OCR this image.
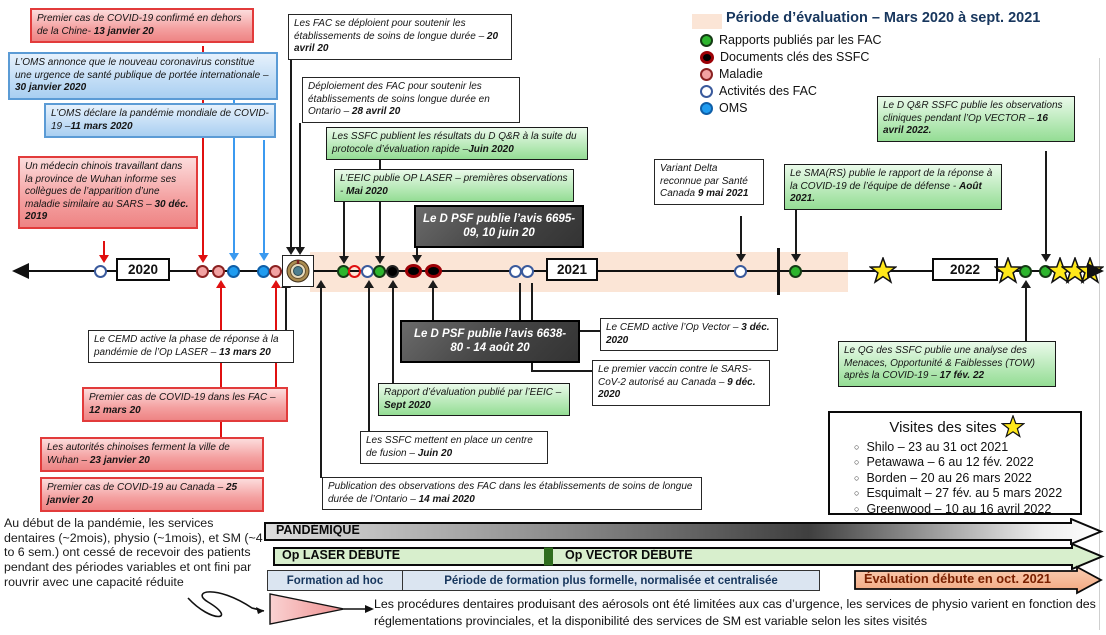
Période d’évaluation – Mars 2020 à sept. 2021
Rapports publiés par les FAC
Documents clés des SSFC
Maladie
Activités des FAC
OMS
2020	2021	2022
Premier cas de COVID-19 confirmé en dehors de la Chine- 13 janvier 20
L’OMS annonce que le nouveau coronavirus constitue une urgence de santé publique de portée internationale – 30 janvier 2020
L’OMS déclare la pandémie mondiale de COVID-19 –11 mars 2020
Un médecin chinois travaillant dans la province de Wuhan informe ses collègues de l’apparition d’une maladie similaire au SARS – 30 déc. 2019
Les FAC se déploient pour soutenir les établissements de soins de longue durée – 20 avril 20
Déploiement des FAC pour soutenir les établissements de soins longue durée en Ontario – 28 avril 20
Les SSFC publient les résultats du D Q&R à la suite du protocole d’évaluation rapide –Juin 2020
L’EEIC publie OP LASER – premières observations - Mai 2020
Le D PSF publie l’avis 6695-09, 10 juin 20
Variant Delta reconnue par Santé Canada 9 mai 2021
Le SMA(RS) publie le rapport de la réponse à la COVID-19 de l’équipe de défense - Août 2021.
Le D Q&R SSFC publie les observations cliniques pendant l’Op VECTOR – 16 avril 2022.
Le CEMD active la phase de réponse à la pandémie de l’Op LASER – 13 mars 20
Premier cas de COVID-19 dans les FAC – 12 mars 20
Les autorités chinoises ferment la ville de Wuhan – 23 janvier 20
Premier cas de COVID-19 au Canada – 25 janvier 20
Le D PSF publie l’avis 6638-80 - 14 août 20
Rapport d’évaluation publié par l’EEIC – Sept 2020
Les SSFC mettent en place un centre de fusion – Juin 20
Publication des observations des FAC dans les établissements de soins de longue durée de l’Ontario – 14 mai 2020
Le CEMD active l’Op Vector – 3 déc. 2020
Le premier vaccin contre le SARS-CoV-2 autorisé au Canada – 9 déc. 2020
Le QG des SSFC publie une analyse des Menaces, Opportunité & Faiblesses (TOW) après la COVID-19 – 17 fév. 22
Visites des sites
○ Shilo – 23 au 31 oct 2021
○ Petawawa – 6 au 12 fév. 2022
○ Borden – 20 au 26 mars 2022
○ Esquimalt – 27 fév. au 5 mars 2022
○ Greenwood – 10 au 16 avril 2022
PANDÉMIQUE
Op LASER DÉBUTE	Op VECTOR DÉBUTE
Formation ad hoc	Période de formation plus formelle, normalisée et centralisée	Évaluation débute en oct. 2021
Au début de la pandémie, les services dentaires (~2mois), physio (~1mois), et SM (~4 to 6 sem.) ont cessé de recevoir des patients pendant des périodes variables et ont fini par rouvrir avec une capacité réduite
Les procédures dentaires produisant des aérosols ont été limitées aux cas d’urgence, les services de physio varient en fonction des réglementations provinciales, et la disponibilité des services de SM est variable selon les sites visités
